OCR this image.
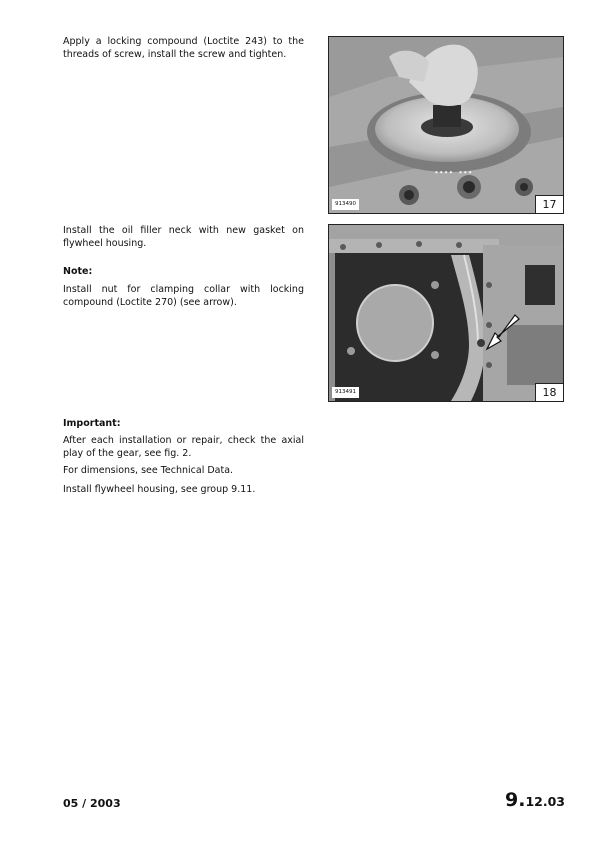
Apply a locking compound (Loctite 243) to the threads of screw, install the screw and tighten.

Install the oil filler neck with new gasket on flywheel housing.

Note:

Install nut for clamping collar with locking compound (Loctite 270) (see arrow).

Important:

After each installation or repair, check the axial play of the gear, see fig. 2.

For dimensions, see Technical Data.

Install flywheel housing, see group 9.11.

∙∙∙∙ ∙∙∙
913490	17
913491	18
05 / 2003	9.12.03
